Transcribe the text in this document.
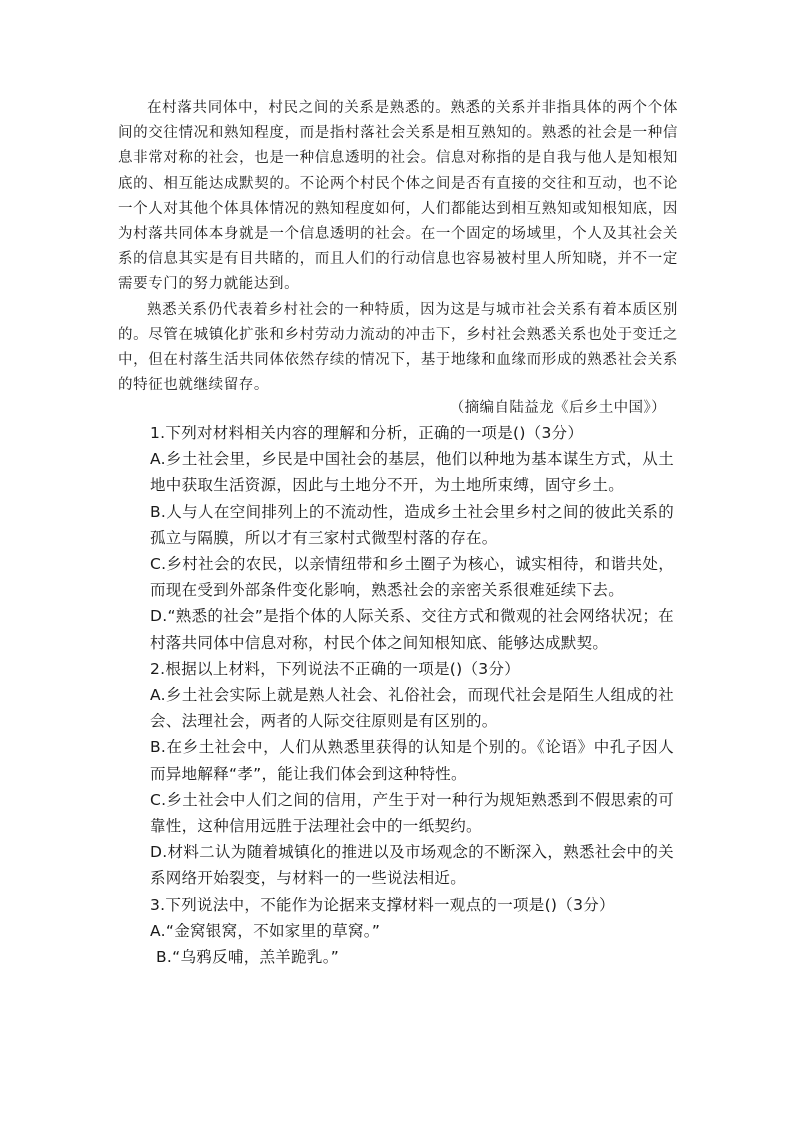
在村落共同体中，村民之间的关系是熟悉的。熟悉的关系并非指具体的两个个体间的交往情况和熟知程度，而是指村落社会关系是相互熟知的。熟悉的社会是一种信息非常对称的社会，也是一种信息透明的社会。信息对称指的是自我与他人是知根知底的、相互能达成默契的。不论两个村民个体之间是否有直接的交往和互动，也不论一个人对其他个体具体情况的熟知程度如何，人们都能达到相互熟知或知根知底，因为村落共同体本身就是一个信息透明的社会。在一个固定的场域里，个人及其社会关系的信息其实是有目共睹的，而且人们的行动信息也容易被村里人所知晓，并不一定需要专门的努力就能达到。

熟悉关系仍代表着乡村社会的一种特质，因为这是与城市社会关系有着本质区别的。尽管在城镇化扩张和乡村劳动力流动的冲击下，乡村社会熟悉关系也处于变迁之中，但在村落生活共同体依然存续的情况下，基于地缘和血缘而形成的熟悉社会关系的特征也就继续留存。

（摘编自陆益龙《后乡土中国》）
1.下列对材料相关内容的理解和分析，正确的一项是()（3分）
A.乡土社会里，乡民是中国社会的基层，他们以种地为基本谋生方式，从土地中获取生活资源，因此与土地分不开，为土地所束缚，固守乡土。
B.人与人在空间排列上的不流动性，造成乡土社会里乡村之间的彼此关系的孤立与隔膜，所以才有三家村式微型村落的存在。
C.乡村社会的农民，以亲情纽带和乡土圈子为核心，诚实相待，和谐共处，而现在受到外部条件变化影响，熟悉社会的亲密关系很难延续下去。
D.“熟悉的社会”是指个体的人际关系、交往方式和微观的社会网络状况；在村落共同体中信息对称，村民个体之间知根知底、能够达成默契。
2.根据以上材料，下列说法不正确的一项是()（3分）
A.乡土社会实际上就是熟人社会、礼俗社会，而现代社会是陌生人组成的社会、法理社会，两者的人际交往原则是有区别的。
B.在乡土社会中，人们从熟悉里获得的认知是个别的。《论语》中孔子因人而异地解释“孝”，能让我们体会到这种特性。
C.乡土社会中人们之间的信用，产生于对一种行为规矩熟悉到不假思索的可靠性，这种信用远胜于法理社会中的一纸契约。
D.材料二认为随着城镇化的推进以及市场观念的不断深入，熟悉社会中的关系网络开始裂变，与材料一的一些说法相近。
3.下列说法中，不能作为论据来支撑材料一观点的一项是()（3分）
A.“金窝银窝，不如家里的草窝。”
B.“乌鸦反哺，羔羊跪乳。”
